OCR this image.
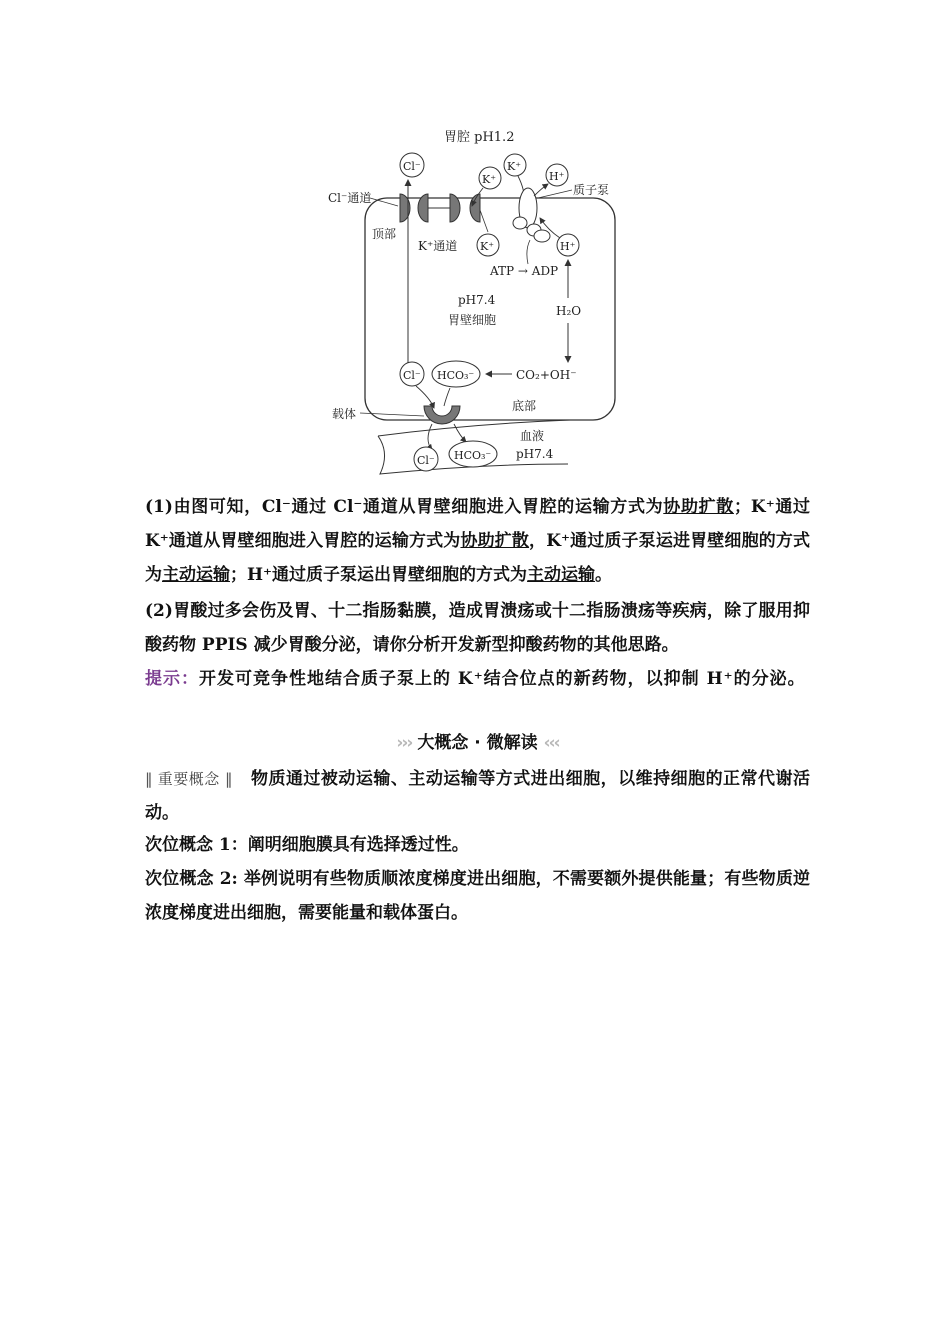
胃腔 pH1.2
Cl⁻
Cl⁻通道
顶部
K⁺通道 K⁺
K⁺
K⁺
质子泵
H⁺
H⁺
ATP → ADP
H₂O
pH7.4
胃壁细胞
CO₂+OH⁻
HCO₃⁻
Cl⁻
载体
底部
血液
pH7.4
Cl⁻ HCO₃⁻
(1)由图可知，Cl⁻通过 Cl⁻通道从胃壁细胞进入胃腔的运输方式为协助扩散；K⁺通过 K⁺通道从胃壁细胞进入胃腔的运输方式为协助扩散，K⁺通过质子泵运进胃壁细胞的方式为主动运输；H⁺通过质子泵运出胃壁细胞的方式为主动运输。
(2)胃酸过多会伤及胃、十二指肠黏膜，造成胃溃疡或十二指肠溃疡等疾病，除了服用抑酸药物 PPIS 减少胃酸分泌，请你分析开发新型抑酸药物的其他思路。
提示：开发可竞争性地结合质子泵上的 K⁺结合位点的新药物，以抑制 H⁺的分泌。
››› 大概念 · 微解读 ‹‹‹
‖ 重要概念 ‖ 物质通过被动运输、主动运输等方式进出细胞，以维持细胞的正常代谢活动。
次位概念 1：阐明细胞膜具有选择透过性。
次位概念 2: 举例说明有些物质顺浓度梯度进出细胞，不需要额外提供能量；有些物质逆浓度梯度进出细胞，需要能量和载体蛋白。
